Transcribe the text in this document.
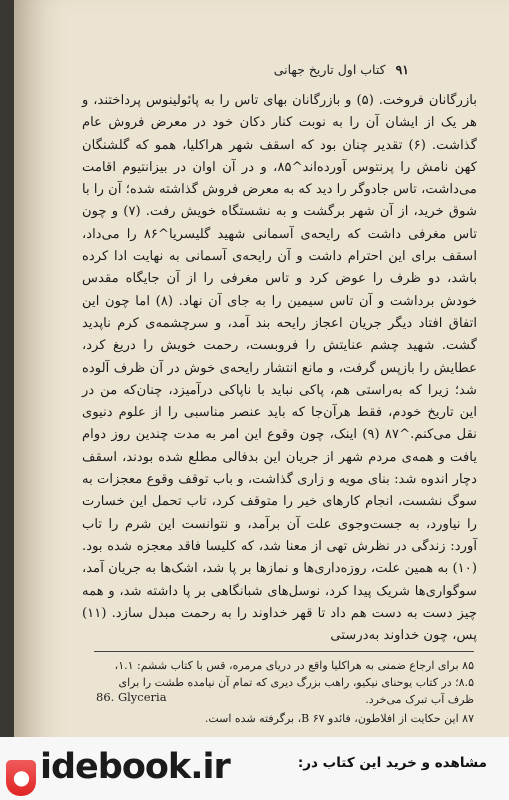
۹۱ کتاب اول تاریخ جهانی

بازرگانان فروخت. (۵) و بازرگانان بهای تاس را به پائولینوس پرداختند، و هر یک از ایشان آن را به نوبت کنار دکان خود در معرض فروش عام گذاشت. (۶) تقدیر چنان بود که اسقف شهر هراکلیا، همو که گلشنگان کهن نامش را پرنتوس آورده‌اند^۸۵، و در آن اوان در بیزانتیوم اقامت می‌داشت، تاس جادوگر را دید که به معرض فروش گذاشته شده؛ آن را با شوق خرید، از آن شهر برگشت و به نشستگاه خویش رفت. (۷) و چون تاس مغرفی داشت که رایحه‌ی آسمانی شهید گلیسریا^۸۶ را می‌داد، اسقف برای این احترام داشت و آن رایحه‌ی آسمانی به نهایت ادا کرده باشد، دو ظرف را عوض کرد و تاس مغرفی را از آن جایگاه مقدس خودش برداشت و آن تاس سیمین را به جای آن نهاد. (۸) اما چون این اتفاق افتاد دیگر جریان اعجاز رایحه بند آمد، و سرچشمه‌ی کرم ناپدید گشت. شهید چشم عنایتش را فروبست، رحمت خویش را دریغ کرد، عطایش را بازپس گرفت، و مانع انتشار رایحه‌ی خوش در آن ظرف آلوده شد؛ زیرا که به‌راستی هم، پاکی نباید با ناپاکی درآمیزد، چنان‌که من در این تاریخ خودم، فقط هرآن‌جا که باید عنصر مناسبی را از علوم دنیوی نقل می‌کنم.^۸۷ (۹) اینک، چون وقوع این امر به مدت چندین روز دوام یافت و همه‌ی مردم شهر از جریان این بدفالی مطلع شده بودند، اسقف دچار اندوه شد: بنای مویه و زاری گذاشت، و باب توقف وقوع معجزات به سوگ نشست، انجام کارهای خیر را متوقف کرد، تاب تحمل این خسارت را نیاورد، به جست‌وجوی علت آن برآمد، و نتوانست این شرم را تاب آورد: زندگی در نظرش تهی از معنا شد، که کلیسا فاقد معجزه شده بود. (۱۰) به همین علت، روزه‌داری‌ها و نمازها بر پا شد، اشک‌ها به جریان آمد، سوگواری‌ها شریک پیدا کرد، نوسل‌های شبانگاهی بر پا داشته شد، و همه چیز دست به دست هم داد تا قهر خداوند را به رحمت مبدل سازد. (۱۱) پس، چون خداوند به‌درستی

۸۵ برای ارجاع ضمنی به هراکلیا واقع در دریای مرمره، قس با کتاب ششم: ۱.۱، ۸.۵؛ در کتاب یوحنای نیکیو، راهب بزرگ دیری که تمام آن نیامده طشت را برای ظرف آب تبرک می‌خرد.
86. Glyceria
۸۷ این حکایت از افلاطون، فائدو B ۶۷، برگرفته شده است.
● idebook.ir	مشاهده و خرید این کتاب در:
